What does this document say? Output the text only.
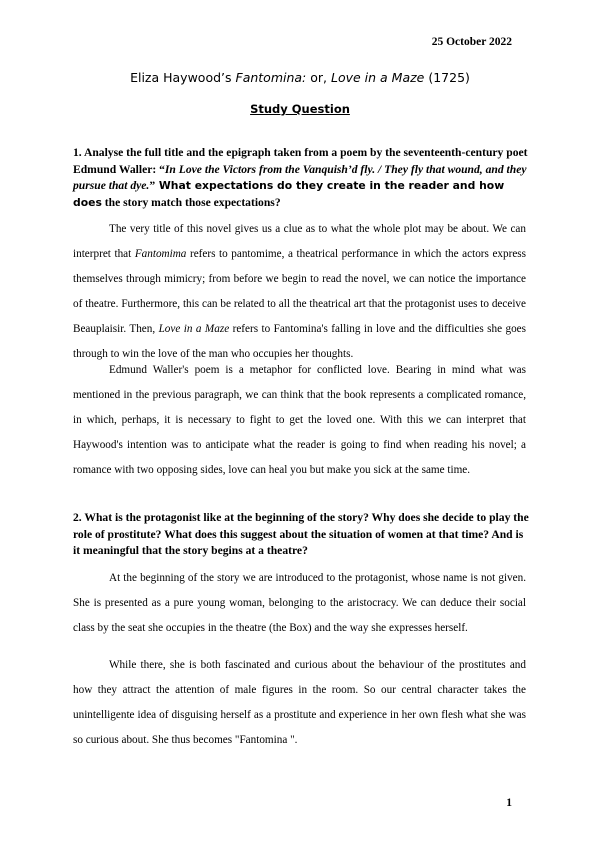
25 October 2022
Eliza Haywood’s Fantomina: or, Love in a Maze (1725)
Study Question

1. Analyse the full title and the epigraph taken from a poem by the seventeenth-century poet Edmund Waller: “In Love the Victors from the Vanquish’d fly. / They fly that wound, and they pursue that dye.” What expectations do they create in the reader and how does the story match those expectations?

The very title of this novel gives us a clue as to what the whole plot may be about. We can interpret that Fantomima refers to pantomime, a theatrical performance in which the actors express themselves through mimicry; from before we begin to read the novel, we can notice the importance of theatre. Furthermore, this can be related to all the theatrical art that the protagonist uses to deceive Beauplaisir. Then, Love in a Maze refers to Fantomina's falling in love and the difficulties she goes through to win the love of the man who occupies her thoughts.

Edmund Waller's poem is a metaphor for conflicted love. Bearing in mind what was mentioned in the previous paragraph, we can think that the book represents a complicated romance, in which, perhaps, it is necessary to fight to get the loved one. With this we can interpret that Haywood's intention was to anticipate what the reader is going to find when reading his novel; a romance with two opposing sides, love can heal you but make you sick at the same time.

2. What is the protagonist like at the beginning of the story? Why does she decide to play the role of prostitute? What does this suggest about the situation of women at that time? And is it meaningful that the story begins at a theatre?

At the beginning of the story we are introduced to the protagonist, whose name is not given. She is presented as a pure young woman, belonging to the aristocracy. We can deduce their social class by the seat she occupies in the theatre (the Box) and the way she expresses herself.

While there, she is both fascinated and curious about the behaviour of the prostitutes and how they attract the attention of male figures in the room. So our central character takes the unintelligente idea of disguising herself as a prostitute and experience in her own flesh what she was so curious about. She thus becomes "Fantomina ".

1
